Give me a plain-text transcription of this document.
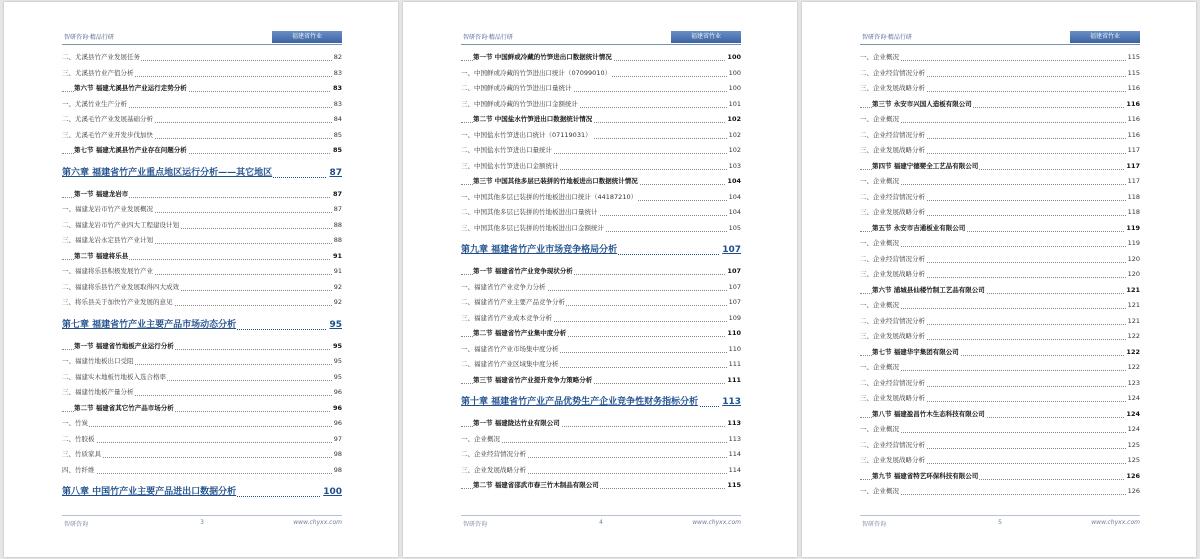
智研咨询·精品行研	福建省竹业
二、尤溪县竹产业发展任务	82
三、尤溪县竹业产值分析	83
第六节 福建尤溪县竹产业运行走势分析	83
一、尤溪竹业生产分析	83
二、尤溪毛竹产业发展基础分析	84
三、尤溪毛竹产业开发步伐加快	85
第七节 福建尤溪县竹产业存在问题分析	85
第六章 福建省竹产业重点地区运行分析——其它地区	87
第一节 福建龙岩市	87
一、福建龙岩市竹产业发展概况	87
二、福建龙岩市竹产业四大工程建设计划	88
三、福建龙岩永定县竹产业计划	88
第二节 福建将乐县	91
一、福建将乐县积极发展竹产业	91
二、福建将乐县竹产业发展取得四大成效	92
三、将乐县关于加快竹产业发展的意见	92
第七章 福建省竹产业主要产品市场动态分析	95
第一节 福建省竹地板产业运行分析	95
一、福建竹地板出口受阻	95
二、福建实木地板竹地板入选合格率	95
三、福建竹地板产量分析	96
第二节 福建省其它竹产品市场分析	96
一、竹炭	96
二、竹胶板	97
三、竹质家具	98
四、竹纤维	98
第八章 中国竹产业主要产品进出口数据分析	100
智研咨询	3	www.chyxx.com
智研咨询·精品行研	福建省竹业
第一节 中国鲜或冷藏的竹笋进出口数据统计情况	100
一、中国鲜或冷藏的竹笋进出口统计（07099010）	100
二、中国鲜或冷藏的竹笋进出口量统计	100
三、中国鲜或冷藏的竹笋进出口金额统计	101
第二节 中国盐水竹笋进出口数据统计情况	102
一、中国盐水竹笋进出口统计（07119031）	102
二、中国盐水竹笋进出口量统计	102
三、中国盐水竹笋进出口金额统计	103
第三节 中国其他多层已装拼的竹地板进出口数据统计情况	104
一、中国其他多层已装拼的竹地板进出口统计（44187210）	104
二、中国其他多层已装拼的竹地板进出口量统计	104
三、中国其他多层已装拼的竹地板进出口金额统计	105
第九章 福建省竹产业市场竞争格局分析	107
第一节 福建省竹产业竞争现状分析	107
一、福建省竹产业竞争力分析	107
二、福建省竹产业主要产品竞争分析	107
三、福建省竹产业成本竞争分析	109
第二节 福建省竹产业集中度分析	110
一、福建省竹产业市场集中度分析	110
二、福建省竹产业区域集中度分析	111
第三节 福建省竹产业提升竞争力策略分析	111
第十章 福建省竹产业产品优势生产企业竞争性财务指标分析	113
第一节 福建陇达竹业有限公司	113
一、企业概况	113
二、企业经营情况分析	114
三、企业发展战略分析	114
第二节 福建省邵武市春三竹木制品有限公司	115
智研咨询	4	www.chyxx.com
智研咨询·精品行研	福建省竹业
一、企业概况	115
二、企业经营情况分析	115
三、企业发展战略分析	116
第三节 永安市兴国人造板有限公司	116
一、企业概况	116
二、企业经营情况分析	116
三、企业发展战略分析	117
第四节 福建宁德婴全工艺品有限公司	117
一、企业概况	117
二、企业经营情况分析	118
三、企业发展战略分析	118
第五节 永安市吉通板业有限公司	119
一、企业概况	119
二、企业经营情况分析	120
三、企业发展战略分析	120
第六节 浦城县仙楼竹制工艺品有限公司	121
一、企业概况	121
二、企业经营情况分析	121
三、企业发展战略分析	122
第七节 福建华宇集团有限公司	122
一、企业概况	122
二、企业经营情况分析	123
三、企业发展战略分析	124
第八节 福建盈昌竹木生态科技有限公司	124
一、企业概况	124
二、企业经营情况分析	125
三、企业发展战略分析	125
第九节 福建省特艺环保科技有限公司	126
一、企业概况	126
智研咨询	5	www.chyxx.com
